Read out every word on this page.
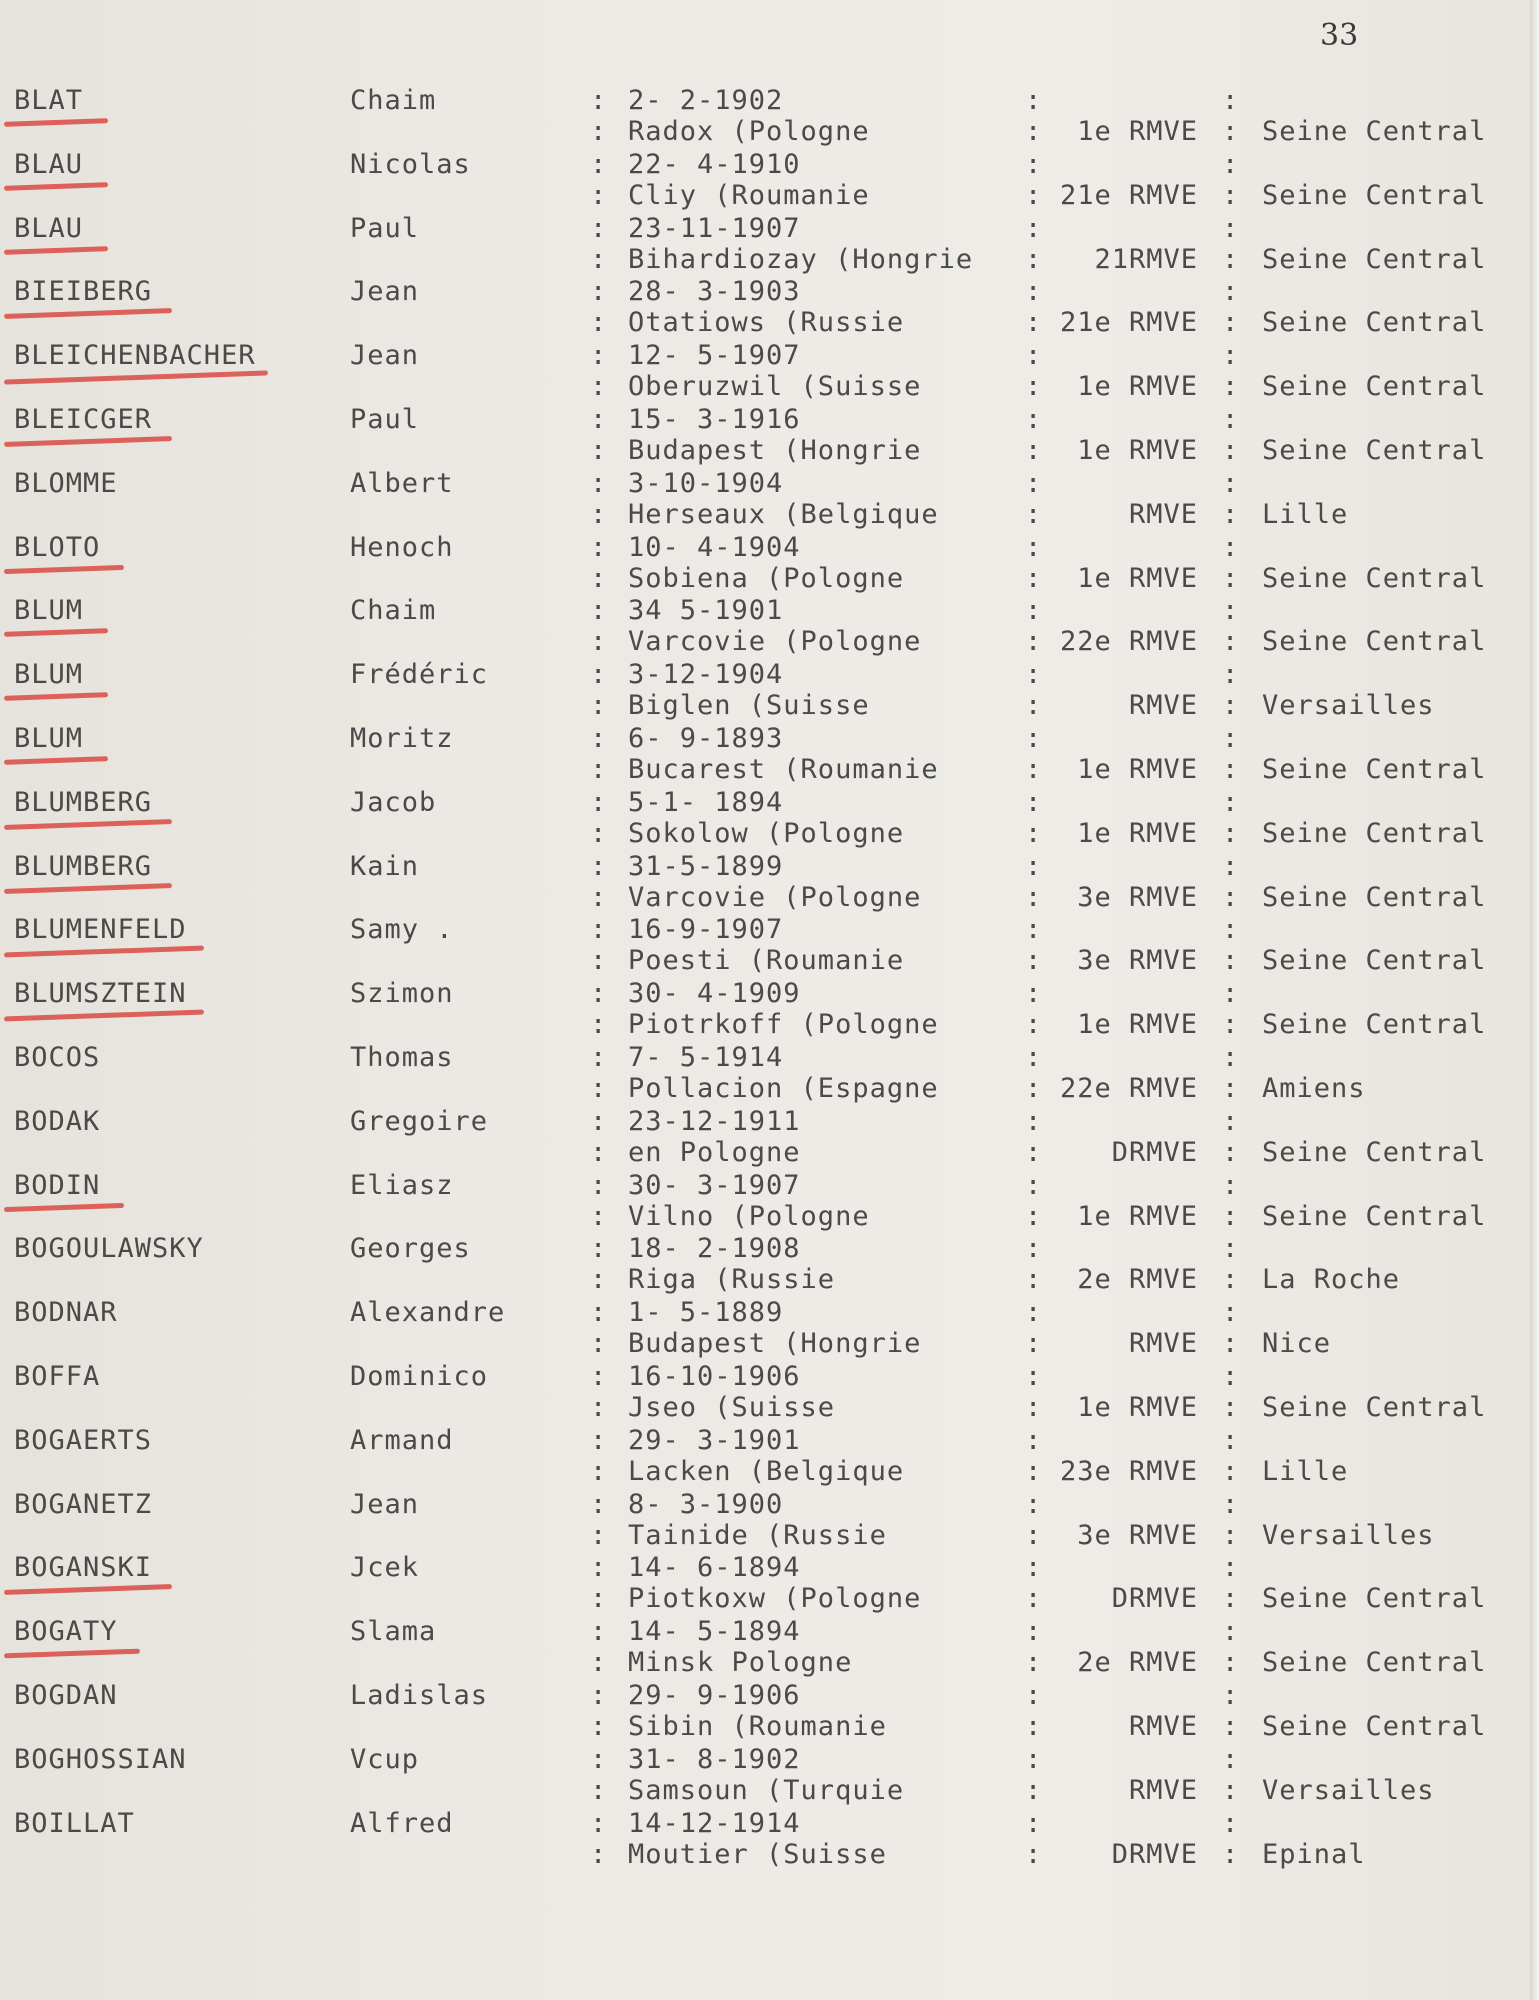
33
BLAT	Chaim	: 2- 2-1902	:	:
: Radox (Pologne	:	1e RMVE : Seine Central
BLAU	Nicolas	: 22- 4-1910	:	:
: Cliy (Roumanie	: 21e RMVE : Seine Central
BLAU	Paul	: 23-11-1907	:	:
: Bihardiozay (Hongrie :	21RMVE : Seine Central
BIEIBERG	Jean	: 28- 3-1903	:	:
: Otatiows (Russie	: 21e RMVE : Seine Central
BLEICHENBACHER	Jean	: 12- 5-1907	:	:
: Oberuzwil (Suisse	:	1e RMVE : Seine Central
BLEICGER	Paul	: 15- 3-1916	:	:
: Budapest (Hongrie	:	1e RMVE : Seine Central
BLOMME	Albert	: 3-10-1904	:	:
: Herseaux (Belgique	:	RMVE : Lille
BLOTO	Henoch	: 10- 4-1904	:	:
: Sobiena (Pologne	:	1e RMVE : Seine Central
BLUM	Chaim	: 34 5-1901	:	:
: Varcovie (Pologne	: 22e RMVE : Seine Central
BLUM	Frédéric	: 3-12-1904	:	:
: Biglen (Suisse	:	RMVE : Versailles
BLUM	Moritz	: 6- 9-1893	:	:
: Bucarest (Roumanie	:	1e RMVE : Seine Central
BLUMBERG	Jacob	: 5-1- 1894	:	:
: Sokolow (Pologne	:	1e RMVE : Seine Central
BLUMBERG	Kain	: 31-5-1899	:	:
: Varcovie (Pologne	:	3e RMVE : Seine Central
BLUMENFELD	Samy .	: 16-9-1907	:	:
: Poesti (Roumanie	:	3e RMVE : Seine Central
BLUMSZTEIN	Szimon	: 30- 4-1909	:	:
: Piotrkoff (Pologne	:	1e RMVE : Seine Central
BOCOS	Thomas	: 7- 5-1914	:	:
: Pollacion (Espagne	: 22e RMVE : Amiens
BODAK	Gregoire	: 23-12-1911	:	:
: en Pologne	:	DRMVE : Seine Central
BODIN	Eliasz	: 30- 3-1907	:	:
: Vilno (Pologne	:	1e RMVE : Seine Central
BOGOULAWSKY	Georges	: 18- 2-1908	:	:
: Riga (Russie	:	2e RMVE : La Roche
BODNAR	Alexandre	: 1- 5-1889	:	:
: Budapest (Hongrie	:	RMVE : Nice
BOFFA	Dominico	: 16-10-1906	:	:
: Jseo (Suisse	:	1e RMVE : Seine Central
BOGAERTS	Armand	: 29- 3-1901	:	:
: Lacken (Belgique	: 23e RMVE : Lille
BOGANETZ	Jean	: 8- 3-1900	:	:
: Tainide (Russie	:	3e RMVE : Versailles
BOGANSKI	Jcek	: 14- 6-1894	:	:
: Piotkoxw (Pologne	:	DRMVE : Seine Central
BOGATY	Slama	: 14- 5-1894	:	:
: Minsk Pologne	:	2e RMVE : Seine Central
BOGDAN	Ladislas	: 29- 9-1906	:	:
: Sibin (Roumanie	:	RMVE : Seine Central
BOGHOSSIAN	Vcup	: 31- 8-1902	:	:
: Samsoun (Turquie	:	RMVE : Versailles
BOILLAT	Alfred	: 14-12-1914	:	:
: Moutier (Suisse	:	DRMVE : Epinal
